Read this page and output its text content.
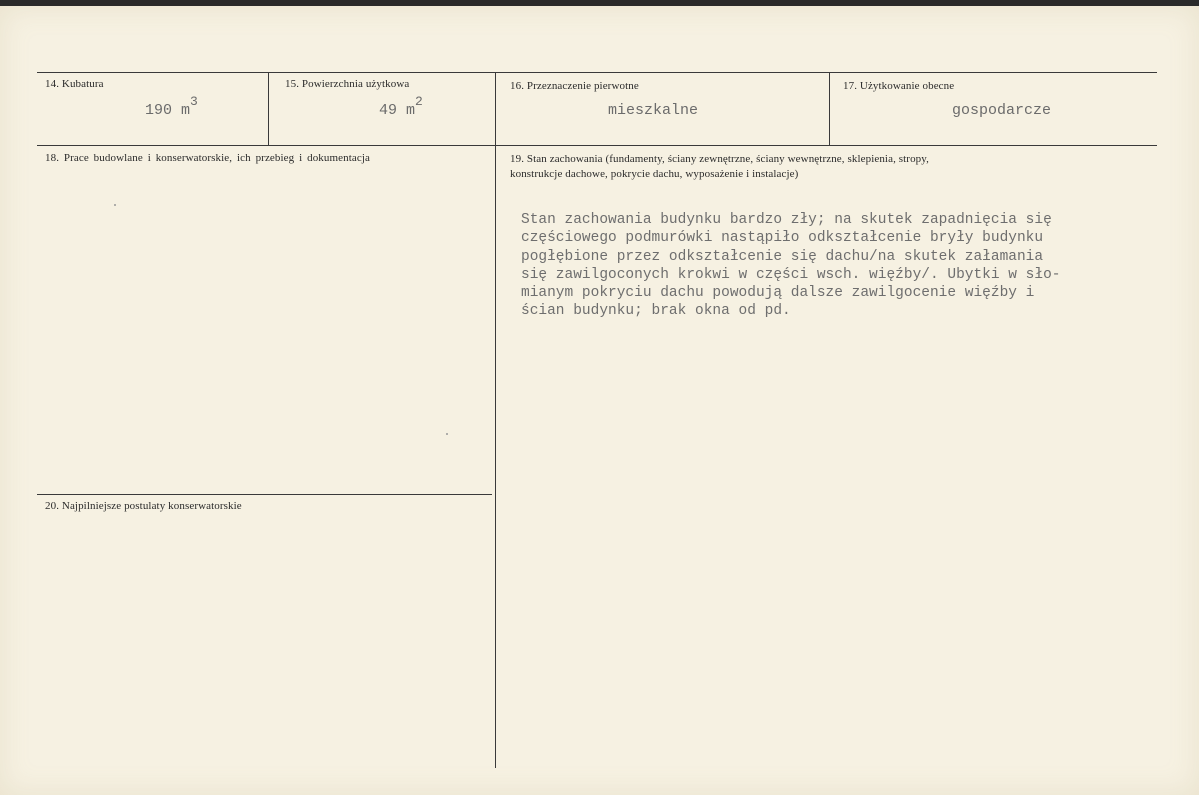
14. Kubatura
190 m3
15. Powierzchnia użytkowa
49 m2
16. Przeznaczenie pierwotne
mieszkalne
17. Użytkowanie obecne
gospodarcze
18. Prace budowlane i konserwatorskie, ich przebieg i dokumentacja	19. Stan zachowania (fundamenty, ściany zewnętrzne, ściany wewnętrzne, sklepienia, stropy,
konstrukcje dachowe, pokrycie dachu, wyposażenie i instalacje)
Stan zachowania budynku bardzo zły; na skutek zapadnięcia się
częściowego podmurówki nastąpiło odkształcenie bryły budynku
pogłębione przez odkształcenie się dachu/na skutek załamania
się zawilgoconych krokwi w części wsch. więźby/. Ubytki w sło-
mianym pokryciu dachu powodują dalsze zawilgocenie więźby i
ścian budynku; brak okna od pd.
20. Najpilniejsze postulaty konserwatorskie
